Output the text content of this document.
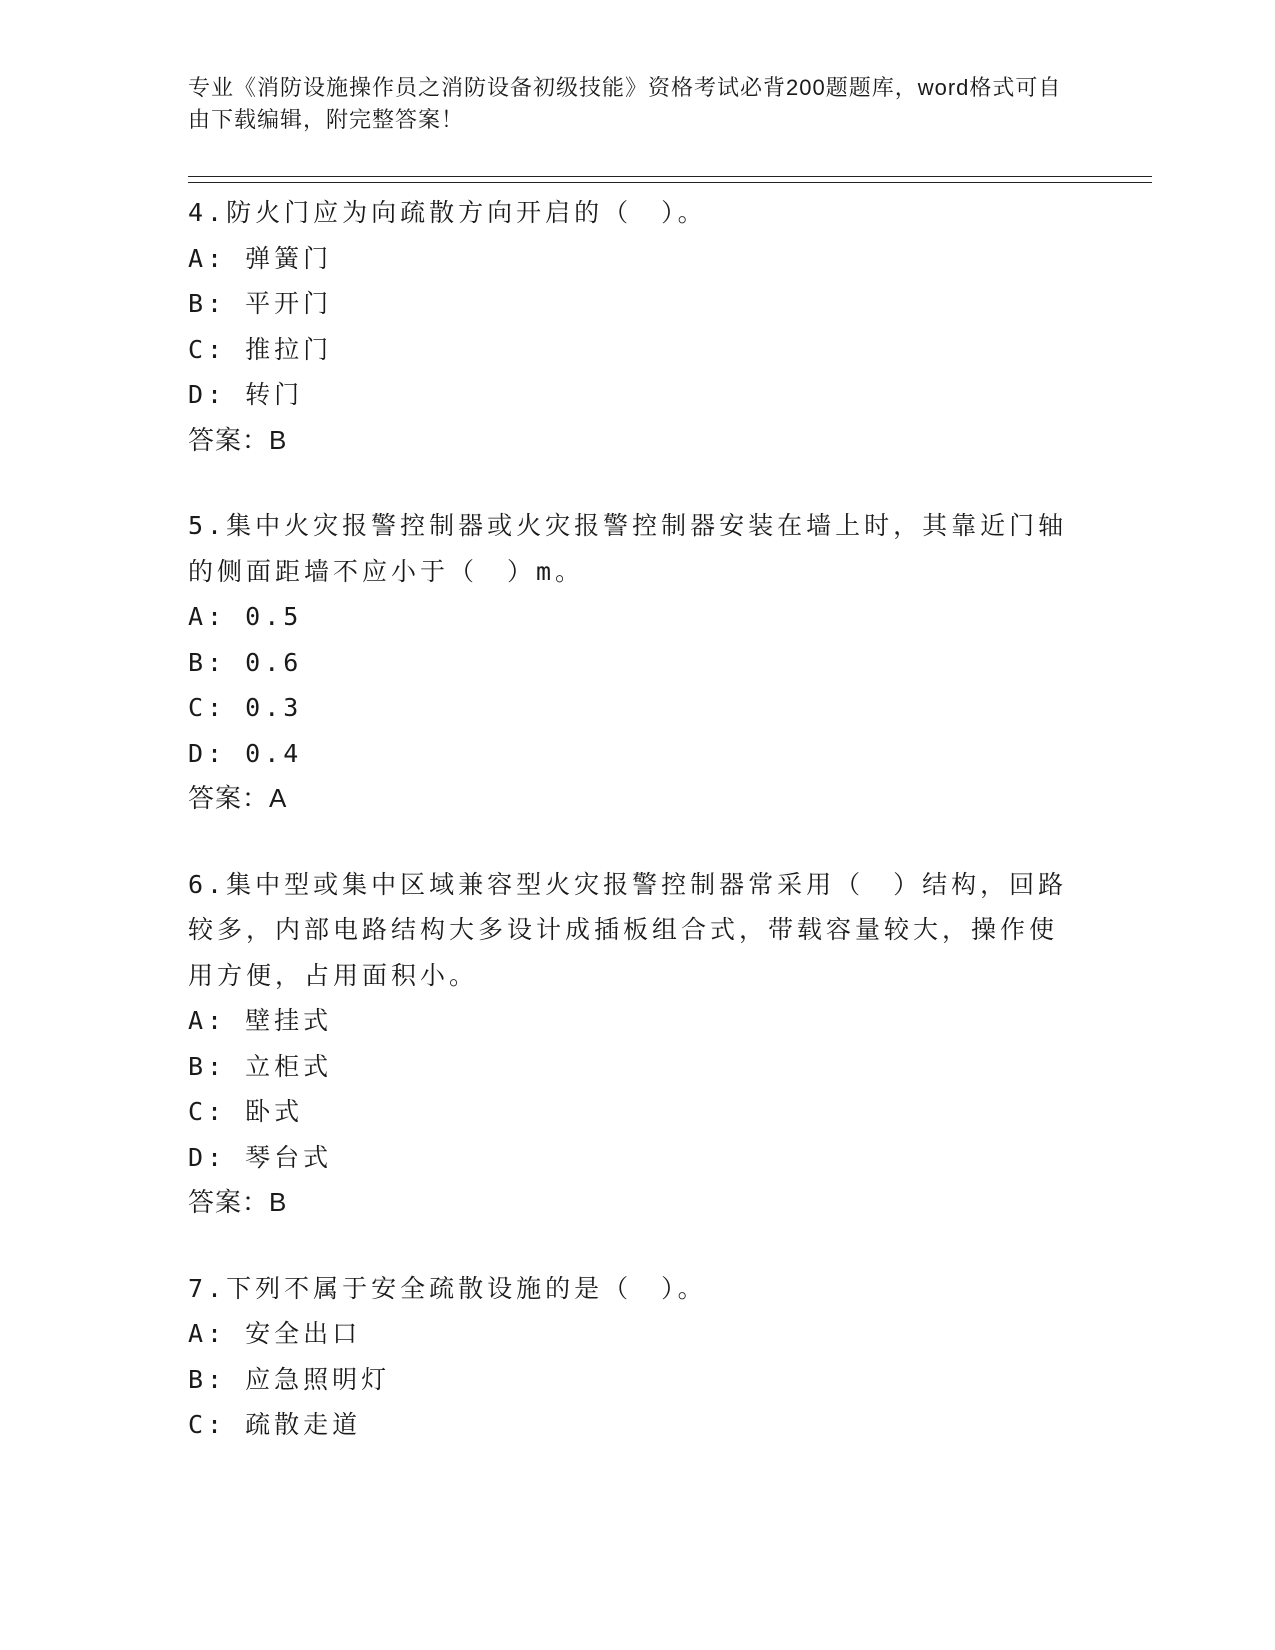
专业《消防设施操作员之消防设备初级技能》资格考试必背200题题库，word格式可自由下载编辑，附完整答案！
4.防火门应为向疏散方向开启的（　）。
A: 弹簧门
B: 平开门
C: 推拉门
D: 转门
答案：B
5.集中火灾报警控制器或火灾报警控制器安装在墙上时，其靠近门轴的侧面距墙不应小于（　）m。
A: 0.5
B: 0.6
C: 0.3
D: 0.4
答案：A
6.集中型或集中区域兼容型火灾报警控制器常采用（　）结构，回路较多，内部电路结构大多设计成插板组合式，带载容量较大，操作使用方便，占用面积小。
A: 壁挂式
B: 立柜式
C: 卧式
D: 琴台式
答案：B
7.下列不属于安全疏散设施的是（　）。
A: 安全出口
B: 应急照明灯
C: 疏散走道
